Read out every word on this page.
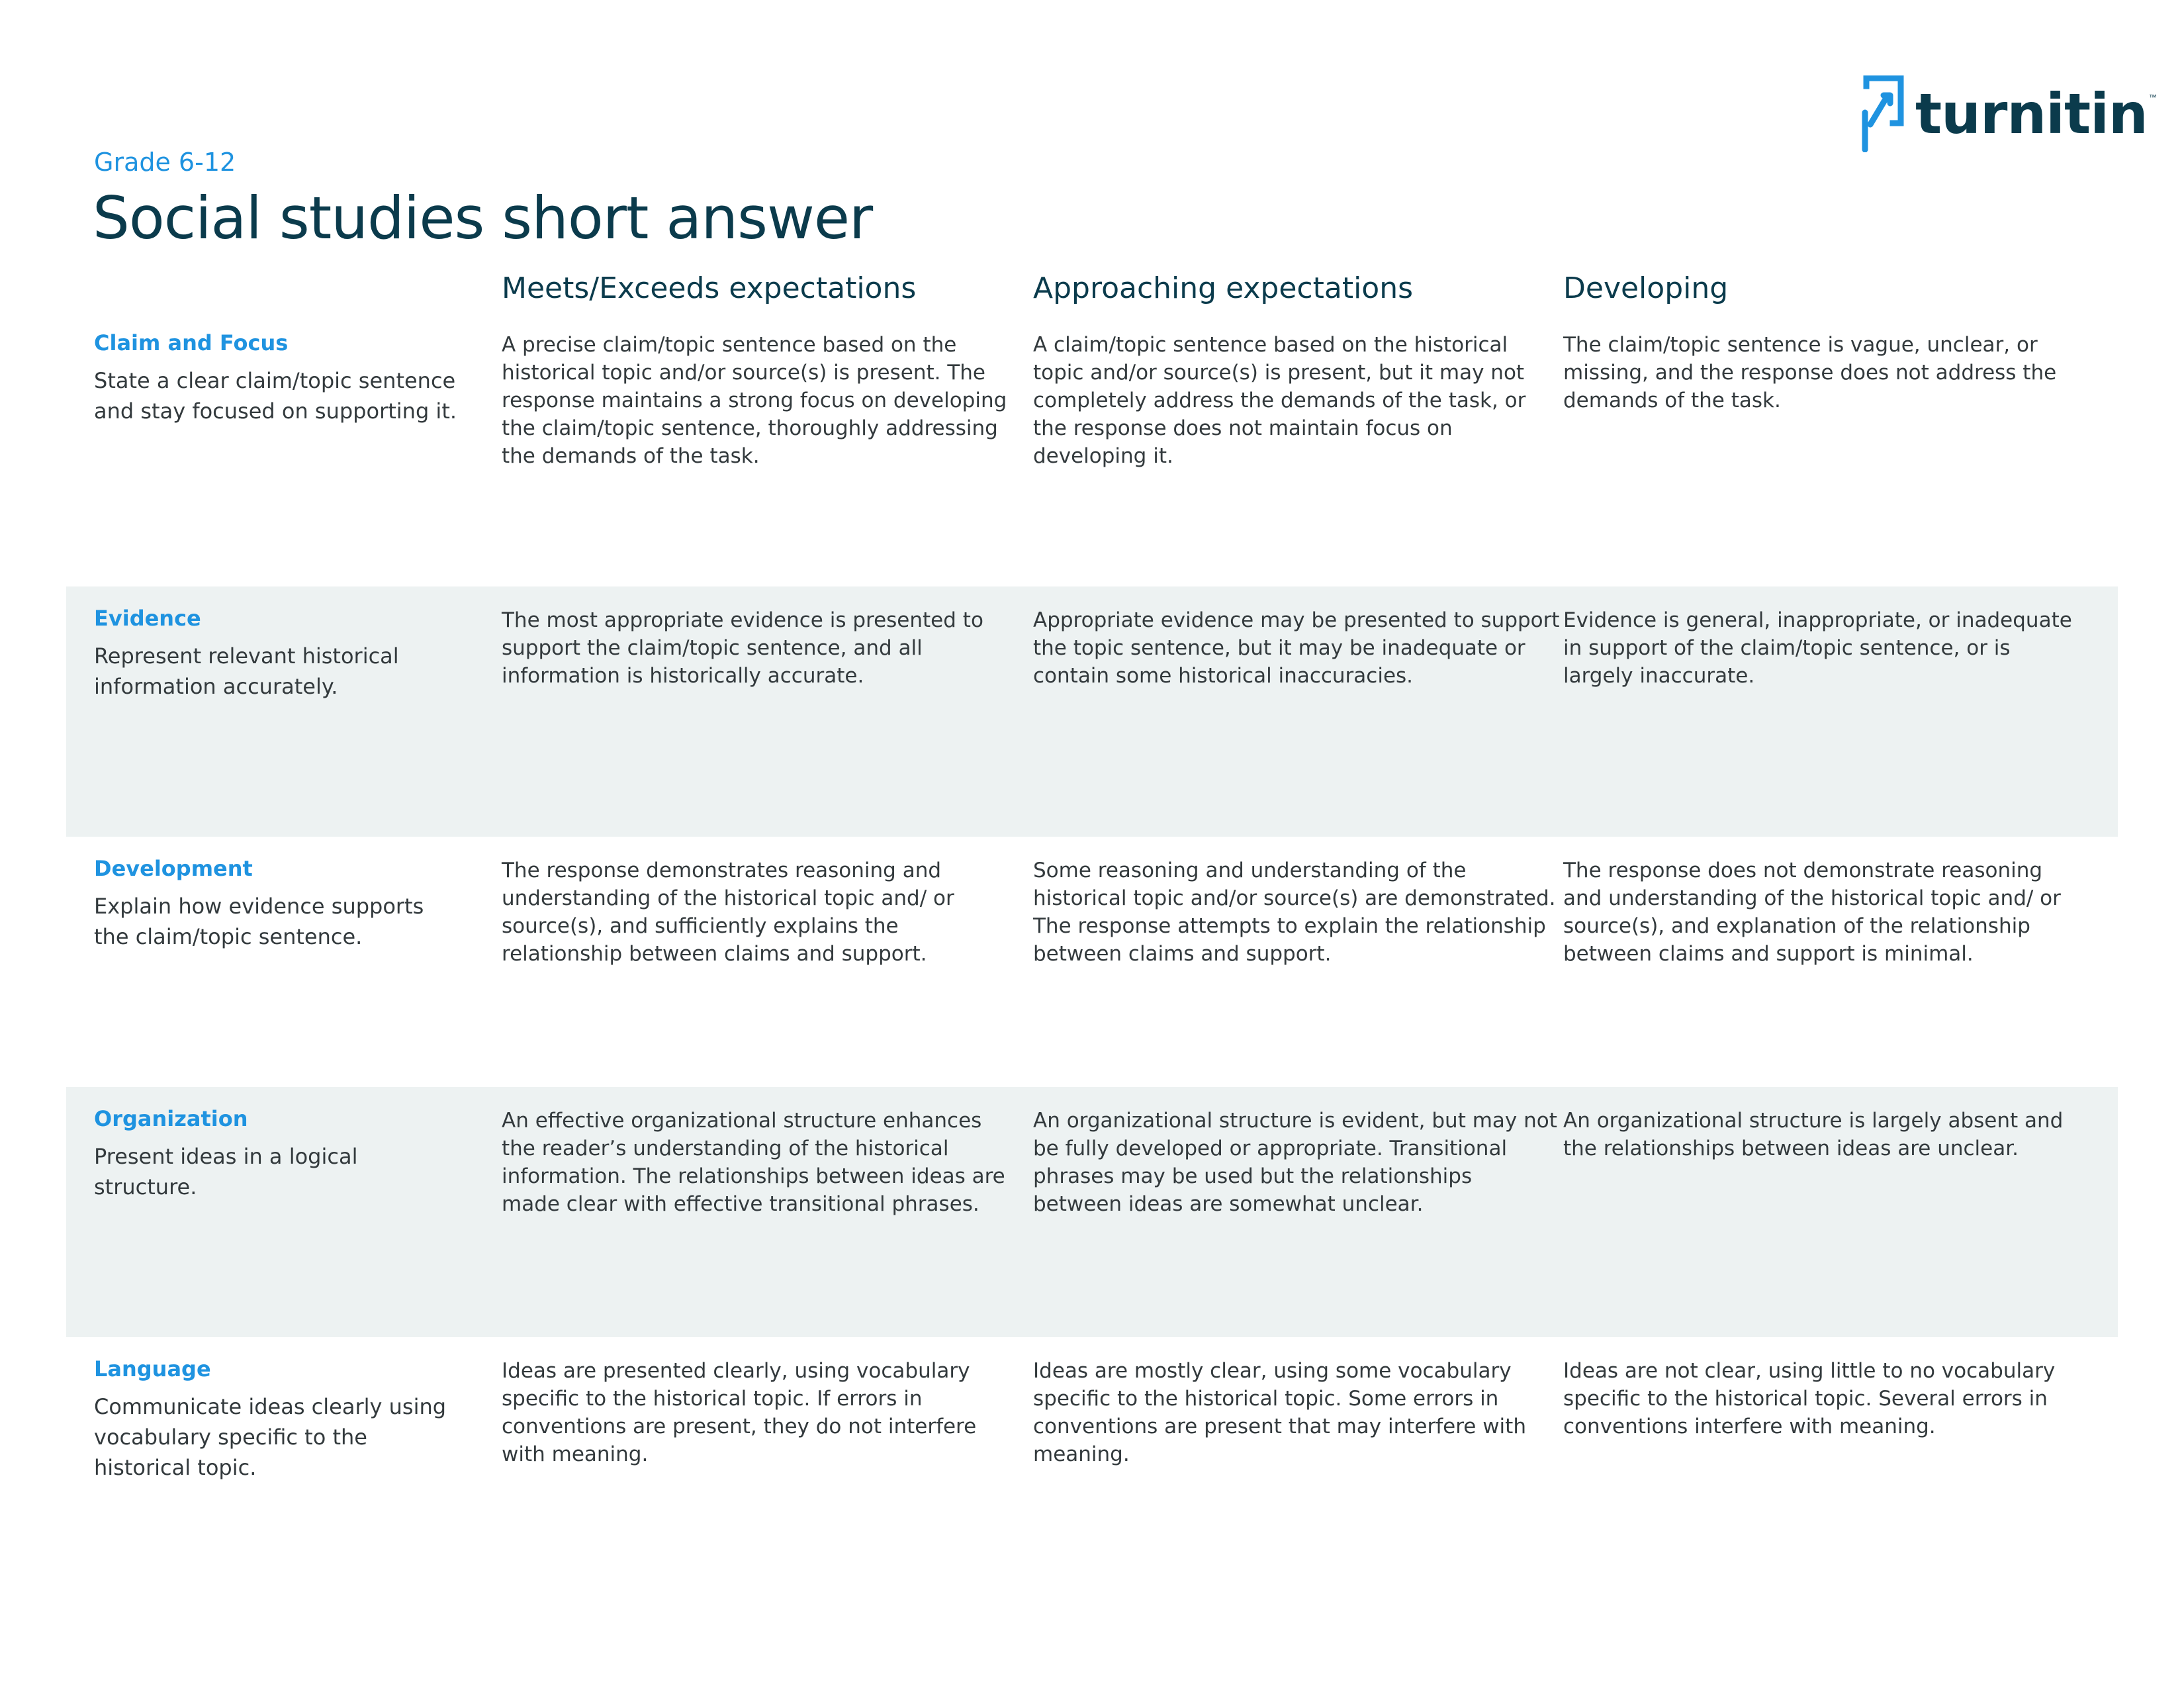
turnitin ™
Grade 6-12
Social studies short answer
Meets/Exceeds expectations	Approaching expectations	Developing
Claim and Focus
State a clear claim/topic sentence and stay focused on supporting it.
A precise claim/topic sentence based on the historical topic and/or source(s) is present. The response maintains a strong focus on developing the claim/topic sentence, thoroughly addressing the demands of the task.
A claim/topic sentence based on the historical topic and/or source(s) is present, but it may not completely address the demands of the task, or the response does not maintain focus on developing it.
The claim/topic sentence is vague, unclear, or missing, and the response does not address the demands of the task.
Evidence
Represent relevant historical information accurately.
The most appropriate evidence is presented to support the claim/topic sentence, and all information is historically accurate.
Appropriate evidence may be presented to support the topic sentence, but it may be inadequate or contain some historical inaccuracies.
Evidence is general, inappropriate, or inadequate in support of the claim/topic sentence, or is largely inaccurate.
Development
Explain how evidence supports the claim/topic sentence.
The response demonstrates reasoning and understanding of the historical topic and/ or source(s), and sufficiently explains the relationship between claims and support.
Some reasoning and understanding of the historical topic and/or source(s) are demonstrated. The response attempts to explain the relationship between claims and support.
The response does not demonstrate reasoning and understanding of the historical topic and/ or source(s), and explanation of the relationship between claims and support is minimal.
Organization
Present ideas in a logical structure.
An effective organizational structure enhances the reader’s understanding of the historical information. The relationships between ideas are made clear with effective transitional phrases.
An organizational structure is evident, but may not be fully developed or appropriate. Transitional phrases may be used but the relationships between ideas are somewhat unclear.
An organizational structure is largely absent and the relationships between ideas are unclear.
Language
Communicate ideas clearly using vocabulary specific to the historical topic.
Ideas are presented clearly, using vocabulary specific to the historical topic. If errors in conventions are present, they do not interfere with meaning.
Ideas are mostly clear, using some vocabulary specific to the historical topic. Some errors in conventions are present that may interfere with meaning.
Ideas are not clear, using little to no vocabulary specific to the historical topic. Several errors in conventions interfere with meaning.
